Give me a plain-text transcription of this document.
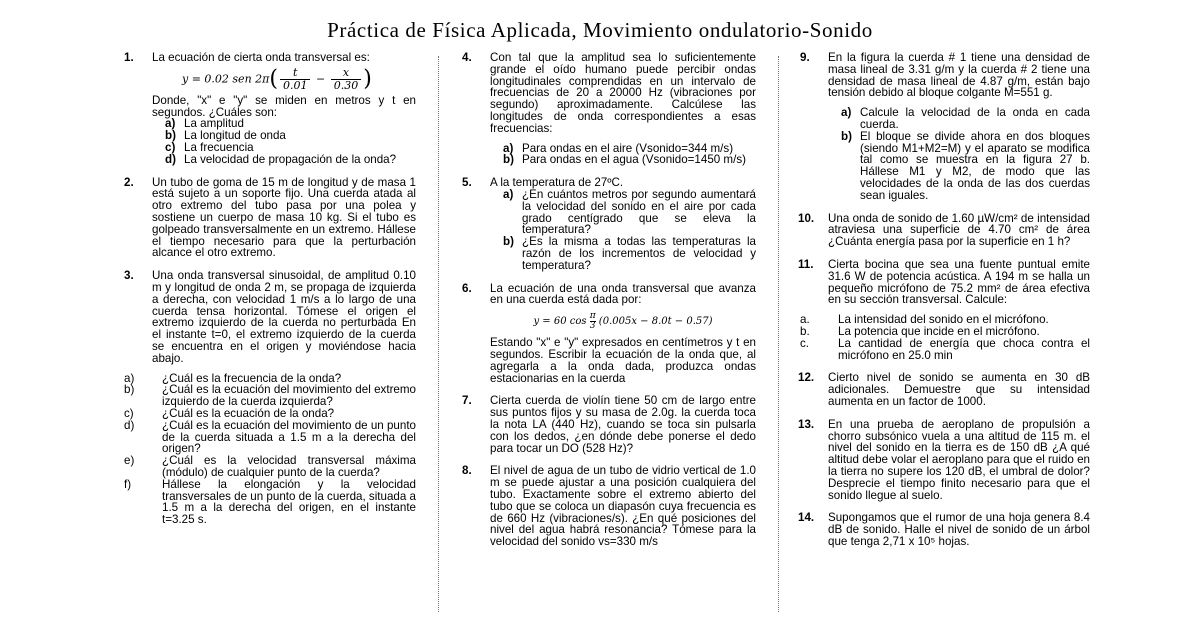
Práctica de Física Aplicada, Movimiento ondulatorio-Sonido
1. La ecuación de cierta onda transversal es:
y = 0.02 sen $2\pi( \frac{t}{0.01} - \frac{x}{0.30}$ )
Donde, "x" e "y" se miden en metros y t en segundos. ¿Cuáles son:
a) La amplitud
b) La longitud de onda
c) La frecuencia
d) La velocidad de propagación de la onda?
2. Un tubo de goma de 15 m de longitud y de masa 1 está sujeto a un soporte fijo. Una cuerda atada al otro extremo del tubo pasa por una polea y sostiene un cuerpo de masa 10 kg. Si el tubo es golpeado transversalmente en un extremo. Hállese el tiempo necesario para que la perturbación alcance el otro extremo.
3. Una onda transversal sinusoidal, de amplitud 0.10 m y longitud de onda 2 m, se propaga de izquierda a derecha, con velocidad 1 m/s a lo largo de una cuerda tensa horizontal. Tómese el origen el extremo izquierdo de la cuerda no perturbada En el instante t=0, el extremo izquierdo de la cuerda se encuentra en el origen y moviéndose hacia abajo.
a) ¿Cuál es la frecuencia de la onda?
b) ¿Cuál es la ecuación del movimiento del extremo izquierdo de la cuerda izquierda?
c) ¿Cuál es la ecuación de la onda?
d) ¿Cuál es la ecuación del movimiento de un punto de la cuerda situada a 1.5 m a la derecha del origen?
e) ¿Cuál es la velocidad transversal máxima (módulo) de cualquier punto de la cuerda?
f)	Hállese la elongación y la velocidad transversales de un punto de la cuerda, situada a 1.5 m a la derecha del origen, en el instante t=3.25 s.
4. Con tal que la amplitud sea lo suficientemente grande el oído humano puede percibir ondas longitudinales comprendidas en un intervalo de frecuencias de 20 a 20000 Hz (vibraciones por segundo) aproximadamente. Calcúlese las longitudes de onda correspondientes a esas frecuencias:
a) Para ondas en el aire (Vsonido=344 m/s)
b) Para ondas en el agua (Vsonido=1450 m/s)
5. A la temperatura de 27ºC.
a) ¿En cuántos metros por segundo aumentará la velocidad del sonido en el aire por cada grado centígrado que se eleva la temperatura?
b) ¿Es la misma a todas las temperaturas la razón de los incrementos de velocidad y temperatura?
6. La ecuación de una onda transversal que avanza en una cuerda está dada por:
y = 60 $\cos \frac{\pi}{3} (0.005x - 8.0t - 0.57)$
Estando "x" e "y" expresados en centímetros y t en segundos. Escribir la ecuación de la onda que, al agregarla a la onda dada, produzca ondas estacionarias en la cuerda
7. Cierta cuerda de violín tiene 50 cm de largo entre sus puntos fijos y su masa de 2.0g. la cuerda toca la nota LA (440 Hz), cuando se toca sin pulsarla con los dedos, ¿en dónde debe ponerse el dedo para tocar un DO (528 Hz)?
8. El nivel de agua de un tubo de vidrio vertical de 1.0 m se puede ajustar a una posición cualquiera del tubo. Exactamente sobre el extremo abierto del tubo que se coloca un diapasón cuya frecuencia es de 660 Hz (vibraciones/s). ¿En qué posiciones del nivel del agua habrá resonancia? Tómese para la velocidad del sonido vs=330 m/s
9. En la figura la cuerda # 1 tiene una densidad de masa lineal de 3.31 g/m y la cuerda # 2 tiene una densidad de masa lineal de 4.87 g/m, están bajo tensión debido al bloque colgante M=551 g.
a) Calcule la velocidad de la onda en cada cuerda.
b) El bloque se divide ahora en dos bloques (siendo M1+M2=M) y el aparato se modifica tal como se muestra en la figura 27 b. Hállese M1 y M2, de modo que las velocidades de la onda de las dos cuerdas sean iguales.
10. Una onda de sonido de 1.60 µW/cm² de intensidad atraviesa una superficie de 4.70 cm² de área ¿Cuánta energía pasa por la superficie en 1 h?
11. Cierta bocina que sea una fuente puntual emite 31.6 W de potencia acústica. A 194 m se halla un pequeño micrófono de 75.2 mm² de área efectiva en su sección transversal. Calcule:
a. La intensidad del sonido en el micrófono.
b. La potencia que incide en el micrófono.
c. La cantidad de energía que choca contra el micrófono en 25.0 min
12. Cierto nivel de sonido se aumenta en 30 dB adicionales. Demuestre que su intensidad aumenta en un factor de 1000.
13. En una prueba de aeroplano de propulsión a chorro subsónico vuela a una altitud de 115 m. el nivel del sonido en la tierra es de 150 dB ¿A qué altitud debe volar el aeroplano para que el ruido en la tierra no supere los 120 dB, el umbral de dolor? Desprecie el tiempo finito necesario para que el sonido llegue al suelo.
14. Supongamos que el rumor de una hoja genera 8.4 dB de sonido. Halle el nivel de sonido de un árbol que tenga 2,71 x 10⁵ hojas.
